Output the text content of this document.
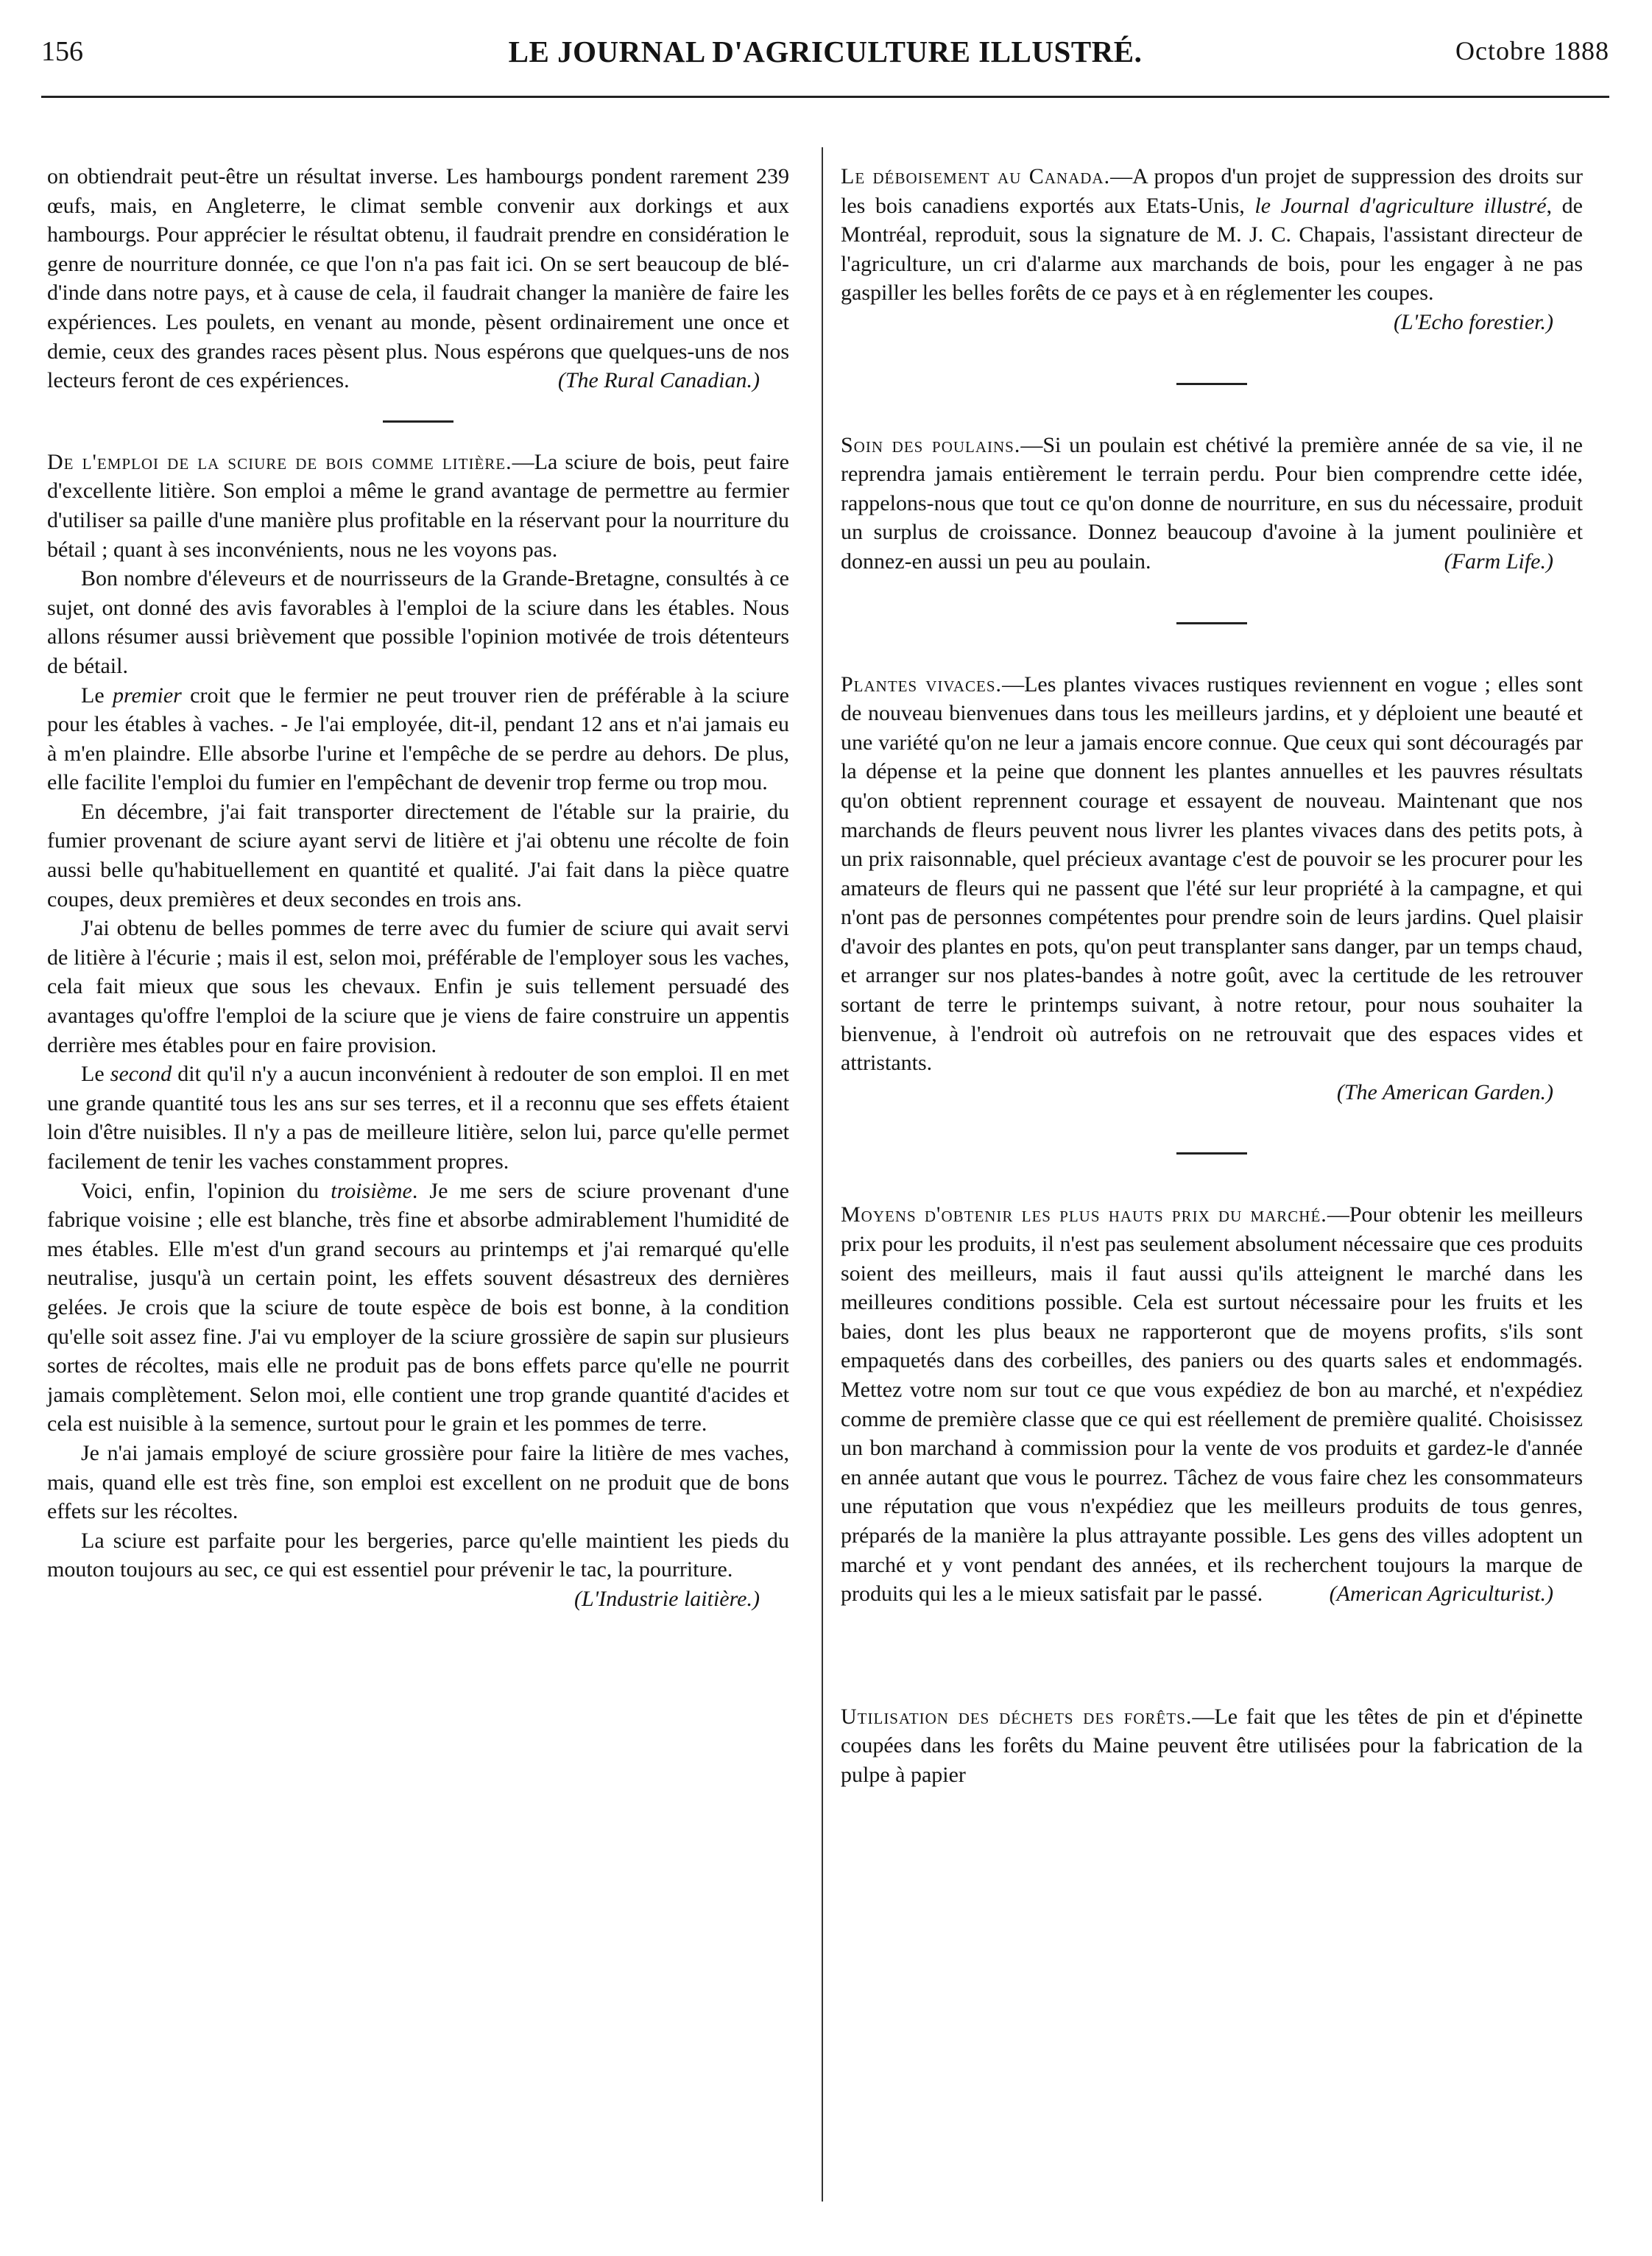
156	LE JOURNAL D'AGRICULTURE ILLUSTRÉ.	Octobre 1888

on obtiendrait peut-être un résultat inverse. Les hambourgs pondent rarement 239 œufs, mais, en Angleterre, le climat semble convenir aux dorkings et aux hambourgs. Pour apprécier le résultat obtenu, il faudrait prendre en considération le genre de nourriture donnée, ce que l'on n'a pas fait ici. On se sert beaucoup de blé-d'inde dans notre pays, et à cause de cela, il faudrait changer la manière de faire les expériences. Les poulets, en venant au monde, pèsent ordinairement une once et demie, ceux des grandes races pèsent plus. Nous espérons que quelques-uns de nos lecteurs feront de ces expériences.	(The Rural Canadian.)

De l'emploi de la sciure de bois comme litière.—La sciure de bois, peut faire d'excellente litière. Son emploi a même le grand avantage de permettre au fermier d'utiliser sa paille d'une manière plus profitable en la réservant pour la nourriture du bétail ; quant à ses inconvénients, nous ne les voyons pas.

Bon nombre d'éleveurs et de nourrisseurs de la Grande-Bretagne, consultés à ce sujet, ont donné des avis favorables à l'emploi de la sciure dans les étables. Nous allons résumer aussi brièvement que possible l'opinion motivée de trois détenteurs de bétail.

Le premier croit que le fermier ne peut trouver rien de préférable à la sciure pour les étables à vaches. - Je l'ai employée, dit-il, pendant 12 ans et n'ai jamais eu à m'en plaindre. Elle absorbe l'urine et l'empêche de se perdre au dehors. De plus, elle facilite l'emploi du fumier en l'empêchant de devenir trop ferme ou trop mou.

En décembre, j'ai fait transporter directement de l'étable sur la prairie, du fumier provenant de sciure ayant servi de litière et j'ai obtenu une récolte de foin aussi belle qu'habituellement en quantité et qualité. J'ai fait dans la pièce quatre coupes, deux premières et deux secondes en trois ans.

J'ai obtenu de belles pommes de terre avec du fumier de sciure qui avait servi de litière à l'écurie ; mais il est, selon moi, préférable de l'employer sous les vaches, cela fait mieux que sous les chevaux. Enfin je suis tellement persuadé des avantages qu'offre l'emploi de la sciure que je viens de faire construire un appentis derrière mes étables pour en faire provision.

Le second dit qu'il n'y a aucun inconvénient à redouter de son emploi. Il en met une grande quantité tous les ans sur ses terres, et il a reconnu que ses effets étaient loin d'être nuisibles. Il n'y a pas de meilleure litière, selon lui, parce qu'elle permet facilement de tenir les vaches constamment propres.

Voici, enfin, l'opinion du troisième. Je me sers de sciure provenant d'une fabrique voisine ; elle est blanche, très fine et absorbe admirablement l'humidité de mes étables. Elle m'est d'un grand secours au printemps et j'ai remarqué qu'elle neutralise, jusqu'à un certain point, les effets souvent désastreux des dernières gelées. Je crois que la sciure de toute espèce de bois est bonne, à la condition qu'elle soit assez fine. J'ai vu employer de la sciure grossière de sapin sur plusieurs sortes de récoltes, mais elle ne produit pas de bons effets parce qu'elle ne pourrit jamais complètement. Selon moi, elle contient une trop grande quantité d'acides et cela est nuisible à la semence, surtout pour le grain et les pommes de terre.

Je n'ai jamais employé de sciure grossière pour faire la litière de mes vaches, mais, quand elle est très fine, son emploi est excellent on ne produit que de bons effets sur les récoltes.

La sciure est parfaite pour les bergeries, parce qu'elle maintient les pieds du mouton toujours au sec, ce qui est essentiel pour prévenir le tac, la pourriture.

(L'Industrie laitière.)

Le déboisement au Canada.—A propos d'un projet de suppression des droits sur les bois canadiens exportés aux Etats-Unis, le Journal d'agriculture illustré, de Montréal, reproduit, sous la signature de M. J. C. Chapais, l'assistant directeur de l'agriculture, un cri d'alarme aux marchands de bois, pour les engager à ne pas gaspiller les belles forêts de ce pays et à en réglementer les coupes.

(L'Echo forestier.)

Soin des poulains.—Si un poulain est chétivé la première année de sa vie, il ne reprendra jamais entièrement le terrain perdu. Pour bien comprendre cette idée, rappelons-nous que tout ce qu'on donne de nourriture, en sus du nécessaire, produit un surplus de croissance. Donnez beaucoup d'avoine à la jument poulinière et donnez-en aussi un peu au poulain.	(Farm Life.)

Plantes vivaces.—Les plantes vivaces rustiques reviennent en vogue ; elles sont de nouveau bienvenues dans tous les meilleurs jardins, et y déploient une beauté et une variété qu'on ne leur a jamais encore connue. Que ceux qui sont découragés par la dépense et la peine que donnent les plantes annuelles et les pauvres résultats qu'on obtient reprennent courage et essayent de nouveau. Maintenant que nos marchands de fleurs peuvent nous livrer les plantes vivaces dans des petits pots, à un prix raisonnable, quel précieux avantage c'est de pouvoir se les procurer pour les amateurs de fleurs qui ne passent que l'été sur leur propriété à la campagne, et qui n'ont pas de personnes compétentes pour prendre soin de leurs jardins. Quel plaisir d'avoir des plantes en pots, qu'on peut transplanter sans danger, par un temps chaud, et arranger sur nos plates-bandes à notre goût, avec la certitude de les retrouver sortant de terre le printemps suivant, à notre retour, pour nous souhaiter la bienvenue, à l'endroit où autrefois on ne retrouvait que des espaces vides et attristants.

(The American Garden.)

Moyens d'obtenir les plus hauts prix du marché.—Pour obtenir les meilleurs prix pour les produits, il n'est pas seulement absolument nécessaire que ces produits soient des meilleurs, mais il faut aussi qu'ils atteignent le marché dans les meilleures conditions possible. Cela est surtout nécessaire pour les fruits et les baies, dont les plus beaux ne rapporteront que de moyens profits, s'ils sont empaquetés dans des corbeilles, des paniers ou des quarts sales et endommagés. Mettez votre nom sur tout ce que vous expédiez de bon au marché, et n'expédiez comme de première classe que ce qui est réellement de première qualité. Choisissez un bon marchand à commission pour la vente de vos produits et gardez-le d'année en année autant que vous le pourrez. Tâchez de vous faire chez les consommateurs une réputation que vous n'expédiez que les meilleurs produits de tous genres, préparés de la manière la plus attrayante possible. Les gens des villes adoptent un marché et y vont pendant des années, et ils recherchent toujours la marque de produits qui les a le mieux satisfait par le passé.	(American Agriculturist.)

Utilisation des déchets des forêts.—Le fait que les têtes de pin et d'épinette coupées dans les forêts du Maine peuvent être utilisées pour la fabrication de la pulpe à papier
